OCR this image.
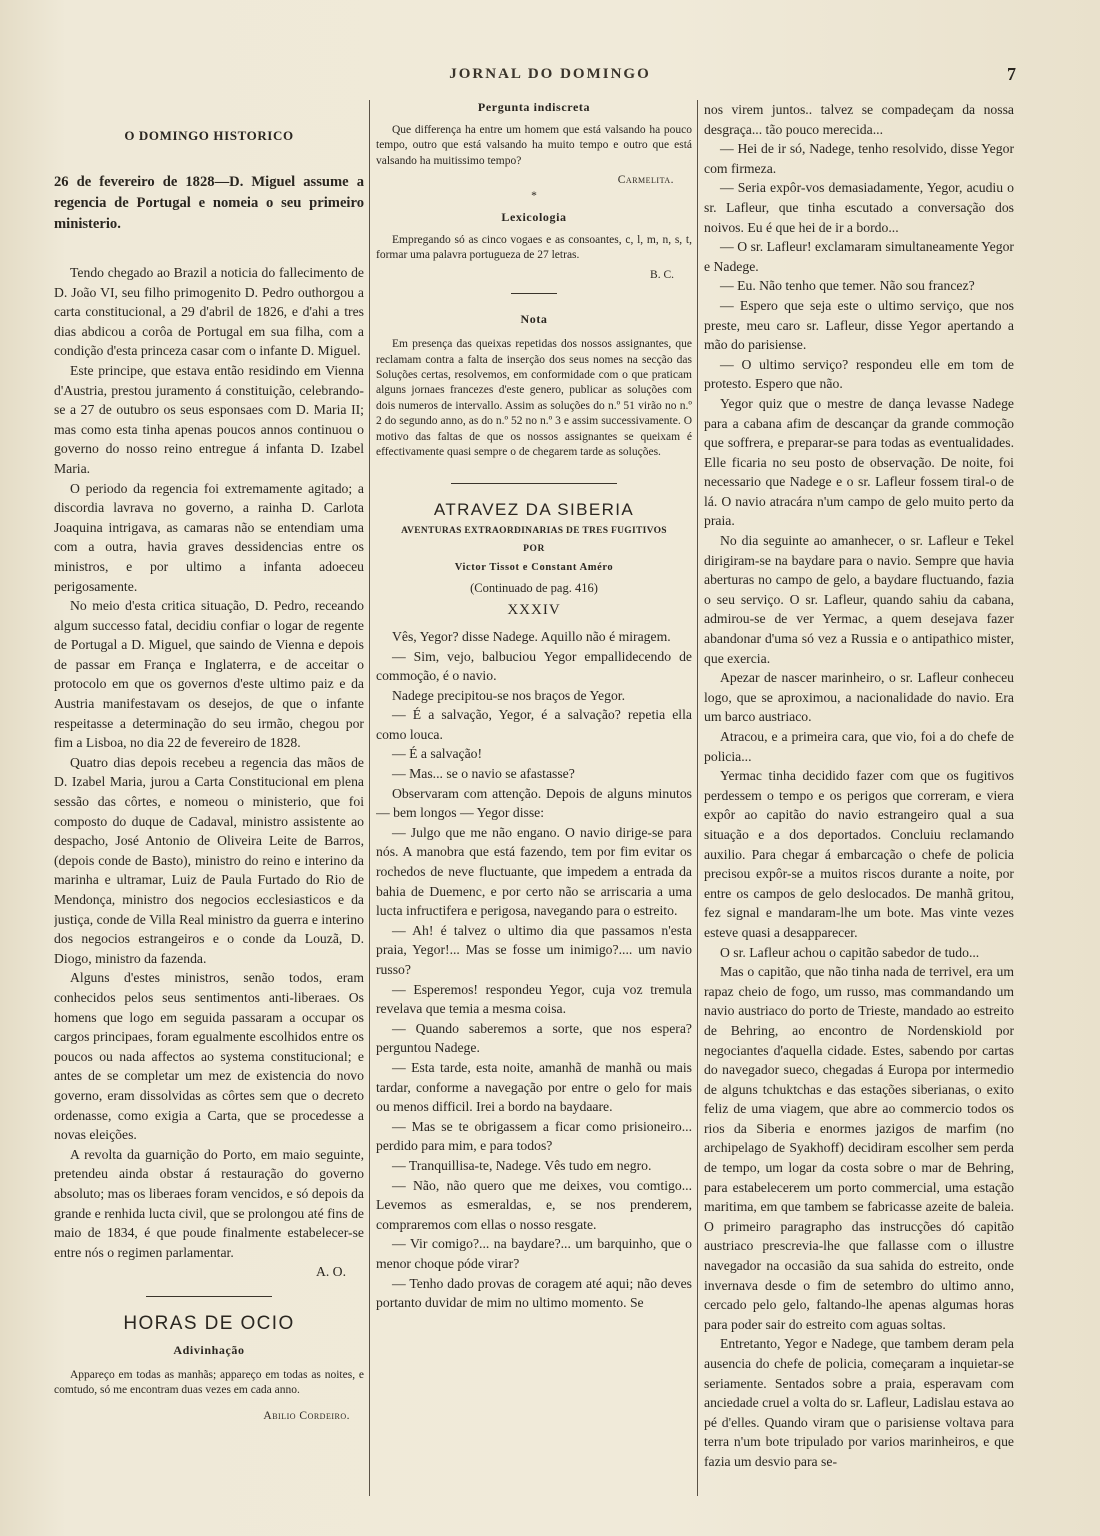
JORNAL DO DOMINGO	7
O DOMINGO HISTORICO
26 de fevereiro de 1828—D. Miguel assume a regencia de Portugal e nomeia o seu primeiro ministerio.

Tendo chegado ao Brazil a noticia do fallecimento de D. João VI, seu filho primogenito D. Pedro outhorgou a carta constitucional, a 29 d'abril de 1826, e d'ahi a tres dias abdicou a corôa de Portugal em sua filha, com a condição d'esta princeza casar com o infante D. Miguel.

Este principe, que estava então residindo em Vienna d'Austria, prestou juramento á constituição, celebrando-se a 27 de outubro os seus esponsaes com D. Maria II; mas como esta tinha apenas poucos annos continuou o governo do nosso reino entregue á infanta D. Izabel Maria.

O periodo da regencia foi extremamente agitado; a discordia lavrava no governo, a rainha D. Carlota Joaquina intrigava, as camaras não se entendiam uma com a outra, havia graves dessidencias entre os ministros, e por ultimo a infanta adoeceu perigosamente.

No meio d'esta critica situação, D. Pedro, receando algum successo fatal, decidiu confiar o logar de regente de Portugal a D. Miguel, que saindo de Vienna e depois de passar em França e Inglaterra, e de acceitar o protocolo em que os governos d'este ultimo paiz e da Austria manifestavam os desejos, de que o infante respeitasse a determinação do seu irmão, chegou por fim a Lisboa, no dia 22 de fevereiro de 1828.

Quatro dias depois recebeu a regencia das mãos de D. Izabel Maria, jurou a Carta Constitucional em plena sessão das côrtes, e nomeou o ministerio, que foi composto do duque de Cadaval, ministro assistente ao despacho, José Antonio de Oliveira Leite de Barros, (depois conde de Basto), ministro do reino e interino da marinha e ultramar, Luiz de Paula Furtado do Rio de Mendonça, ministro dos negocios ecclesiasticos e da justiça, conde de Villa Real ministro da guerra e interino dos negocios estrangeiros e o conde da Louzã, D. Diogo, ministro da fazenda.

Alguns d'estes ministros, senão todos, eram conhecidos pelos seus sentimentos anti-liberaes. Os homens que logo em seguida passaram a occupar os cargos principaes, foram egualmente escolhidos entre os poucos ou nada affectos ao systema constitucional; e antes de se completar um mez de existencia do novo governo, eram dissolvidas as côrtes sem que o decreto ordenasse, como exigia a Carta, que se procedesse a novas eleições.

A revolta da guarnição do Porto, em maio seguinte, pretendeu ainda obstar á restauração do governo absoluto; mas os liberaes foram vencidos, e só depois da grande e renhida lucta civil, que se prolongou até fins de maio de 1834, é que poude finalmente estabelecer-se entre nós o regimen parlamentar.

A. O.

HORAS DE OCIO
Adivinhação

Appareço em todas as manhãs; appareço em todas as noites, e comtudo, só me encontram duas vezes em cada anno.

Abilio Cordeiro.

Pergunta indiscreta

Que differença ha entre um homem que está valsando ha pouco tempo, outro que está valsando ha muito tempo e outro que está valsando ha muitissimo tempo?

Carmelita.

*

Lexicologia

Empregando só as cinco vogaes e as consoantes, c, l, m, n, s, t, formar uma palavra portugueza de 27 letras.

B. C.

Nota

Em presença das queixas repetidas dos nossos assignantes, que reclamam contra a falta de inserção dos seus nomes na secção das Soluções certas, resolvemos, em conformidade com o que praticam alguns jornaes francezes d'este genero, publicar as soluções com dois numeros de intervallo. Assim as soluções do n.º 51 virão no n.º 2 do segundo anno, as do n.º 52 no n.º 3 e assim successivamente. O motivo das faltas de que os nossos assignantes se queixam é effectivamente quasi sempre o de chegarem tarde as soluções.

ATRAVEZ DA SIBERIA
AVENTURAS EXTRAORDINARIAS DE TRES FUGITIVOS
POR
Victor Tissot e Constant Améro

(Continuado de pag. 416)

XXXIV

Vês, Yegor? disse Nadege. Aquillo não é miragem.

— Sim, vejo, balbuciou Yegor empallidecendo de commoção, é o navio.

Nadege precipitou-se nos braços de Yegor.

— É a salvação, Yegor, é a salvação? repetia ella como louca.

— É a salvação!

— Mas... se o navio se afastasse?

Observaram com attenção. Depois de alguns minutos — bem longos — Yegor disse:

— Julgo que me não engano. O navio dirige-se para nós. A manobra que está fazendo, tem por fim evitar os rochedos de neve fluctuante, que impedem a entrada da bahia de Duemenc, e por certo não se arriscaria a uma lucta infructifera e perigosa, navegando para o estreito.

— Ah! é talvez o ultimo dia que passamos n'esta praia, Yegor!... Mas se fosse um inimigo?.... um navio russo?

— Esperemos! respondeu Yegor, cuja voz tremula revelava que temia a mesma coisa.

— Quando saberemos a sorte, que nos espera? perguntou Nadege.

— Esta tarde, esta noite, amanhã de manhã ou mais tardar, conforme a navegação por entre o gelo for mais ou menos difficil. Irei a bordo na baydaare.

— Mas se te obrigassem a ficar como prisioneiro... perdido para mim, e para todos?

— Tranquillisa-te, Nadege. Vês tudo em negro.

— Não, não quero que me deixes, vou comtigo... Levemos as esmeraldas, e, se nos prenderem, compraremos com ellas o nosso resgate.

— Vir comigo?... na baydare?... um barquinho, que o menor choque póde virar?

— Tenho dado provas de coragem até aqui; não deves portanto duvidar de mim no ultimo momento. Se

nos virem juntos.. talvez se compadeçam da nossa desgraça... tão pouco merecida...

— Hei de ir só, Nadege, tenho resolvido, disse Yegor com firmeza.

— Seria expôr-vos demasiadamente, Yegor, acudiu o sr. Lafleur, que tinha escutado a conversação dos noivos. Eu é que hei de ir a bordo...

— O sr. Lafleur! exclamaram simultaneamente Yegor e Nadege.

— Eu. Não tenho que temer. Não sou francez?

— Espero que seja este o ultimo serviço, que nos preste, meu caro sr. Lafleur, disse Yegor apertando a mão do parisiense.

— O ultimo serviço? respondeu elle em tom de protesto. Espero que não.

Yegor quiz que o mestre de dança levasse Nadege para a cabana afim de descançar da grande commoção que soffrera, e preparar-se para todas as eventualidades. Elle ficaria no seu posto de observação. De noite, foi necessario que Nadege e o sr. Lafleur fossem tiral-o de lá. O navio atracára n'um campo de gelo muito perto da praia.

No dia seguinte ao amanhecer, o sr. Lafleur e Tekel dirigiram-se na baydare para o navio. Sempre que havia aberturas no campo de gelo, a baydare fluctuando, fazia o seu serviço. O sr. Lafleur, quando sahiu da cabana, admirou-se de ver Yermac, a quem desejava fazer abandonar d'uma só vez a Russia e o antipathico mister, que exercia.

Apezar de nascer marinheiro, o sr. Lafleur conheceu logo, que se aproximou, a nacionalidade do navio. Era um barco austriaco.

Atracou, e a primeira cara, que vio, foi a do chefe de policia...

Yermac tinha decidido fazer com que os fugitivos perdessem o tempo e os perigos que correram, e viera expôr ao capitão do navio estrangeiro qual a sua situação e a dos deportados. Concluiu reclamando auxilio. Para chegar á embarcação o chefe de policia precisou expôr-se a muitos riscos durante a noite, por entre os campos de gelo deslocados. De manhã gritou, fez signal e mandaram-lhe um bote. Mas vinte vezes esteve quasi a desapparecer.

O sr. Lafleur achou o capitão sabedor de tudo...

Mas o capitão, que não tinha nada de terrivel, era um rapaz cheio de fogo, um russo, mas commandando um navio austriaco do porto de Trieste, mandado ao estreito de Behring, ao encontro de Nordenskiold por negociantes d'aquella cidade. Estes, sabendo por cartas do navegador sueco, chegadas á Europa por intermedio de alguns tchuktchas e das estações siberianas, o exito feliz de uma viagem, que abre ao commercio todos os rios da Siberia e enormes jazigos de marfim (no archipelago de Syakhoff) decidiram escolher sem perda de tempo, um logar da costa sobre o mar de Behring, para estabelecerem um porto commercial, uma estação maritima, em que tambem se fabricasse azeite de baleia. O primeiro paragrapho das instrucções dó capitão austriaco prescrevia-lhe que fallasse com o illustre navegador na occasião da sua sahida do estreito, onde invernava desde o fim de setembro do ultimo anno, cercado pelo gelo, faltando-lhe apenas algumas horas para poder sair do estreito com aguas soltas.

Entretanto, Yegor e Nadege, que tambem deram pela ausencia do chefe de policia, começaram a inquietar-se seriamente. Sentados sobre a praia, esperavam com anciedade cruel a volta do sr. Lafleur, Ladislau estava ao pé d'elles. Quando viram que o parisiense voltava para terra n'um bote tripulado por varios marinheiros, e que fazia um desvio para se-
